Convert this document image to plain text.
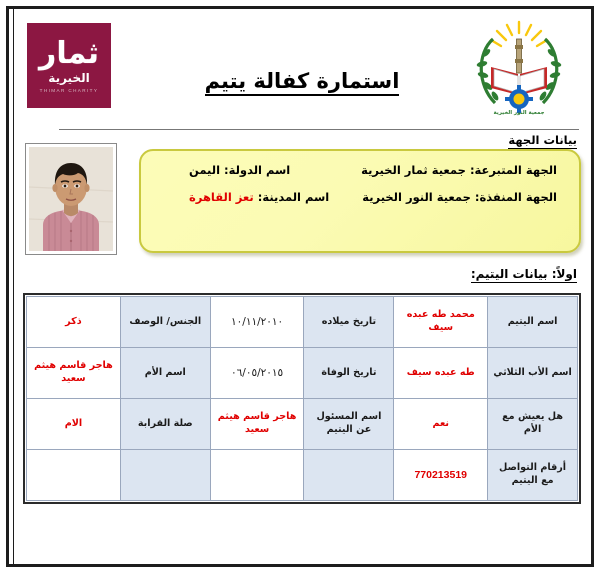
ثمار
الخيرية
THIMAR CHARITY	استمارة كفالة يتيم
جمعية النور الخيرية
بيانات الجهة
الجهة المتبرعة: جمعية ثمار الخيرية
اسم الدولة: اليمن
الجهة المنفذة: جمعية النور الخيرية
اسم المدينة: تعز القاهرة
اولاً: بيانات اليتيم:
اسم اليتيم	محمد طه عبده سيف	تاريخ ميلاده	١٠/١١/٢٠١٠	الجنس/ الوصف	ذكر
اسم الأب الثلاثي	طه عبده سيف	تاريخ الوفاة	٠٦/٠٥/٢٠١٥	اسم الأم	هاجر قاسم هيثم سعيد
هل يعيش مع الأم	نعم	اسم المسئول عن اليتيم	هاجر قاسم هيثم سعيد	صلة القرابة	الام
أرقام التواصل مع اليتيم	770213519				
